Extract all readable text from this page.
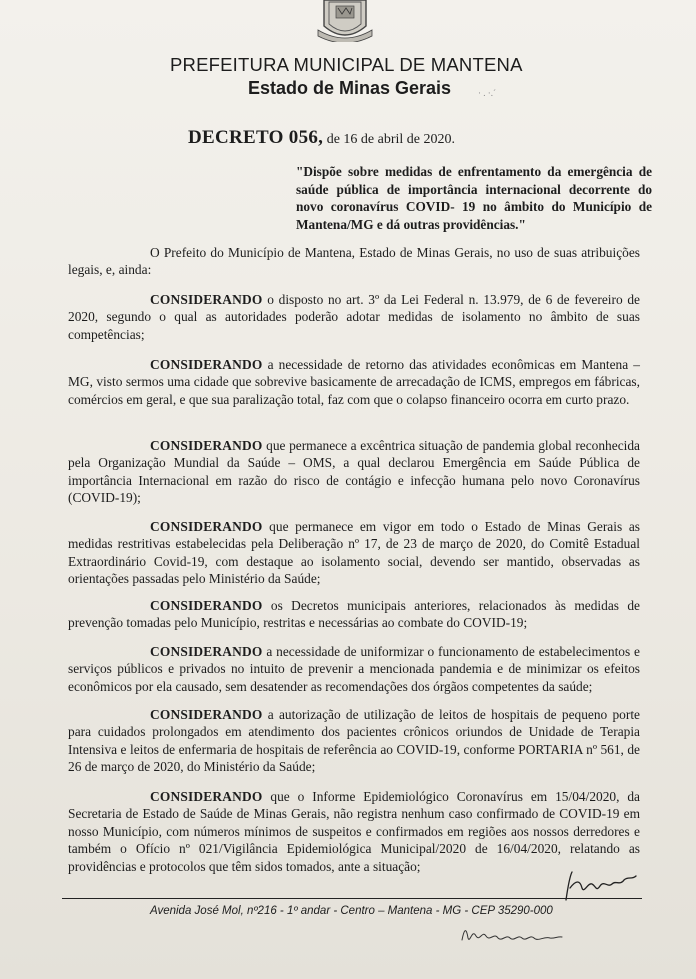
PREFEITURA MUNICIPAL DE MANTENA
Estado de Minas Gerais	· . ·.´
DECRETO 056, de 16 de abril de 2020.
"Dispõe sobre medidas de enfrentamento da emergência de saúde pública de importância internacional decorrente do novo coronavírus COVID- 19 no âmbito do Município de Mantena/MG e dá outras providências."
O Prefeito do Município de Mantena, Estado de Minas Gerais, no uso de suas atribuições legais, e, ainda:
CONSIDERANDO o disposto no art. 3º da Lei Federal n. 13.979, de 6 de fevereiro de 2020, segundo o qual as autoridades poderão adotar medidas de isolamento no âmbito de suas competências;
CONSIDERANDO a necessidade de retorno das atividades econômicas em Mantena – MG, visto sermos uma cidade que sobrevive basicamente de arrecadação de ICMS, empregos em fábricas, comércios em geral, e que sua paralização total, faz com que o colapso financeiro ocorra em curto prazo.
CONSIDERANDO que permanece a excêntrica situação de pandemia global reconhecida pela Organização Mundial da Saúde – OMS, a qual declarou Emergência em Saúde Pública de importância Internacional em razão do risco de contágio e infecção humana pelo novo Coronavírus (COVID-19);
CONSIDERANDO que permanece em vigor em todo o Estado de Minas Gerais as medidas restritivas estabelecidas pela Deliberação nº 17, de 23 de março de 2020, do Comitê Estadual Extraordinário Covid-19, com destaque ao isolamento social, devendo ser mantido, observadas as orientações passadas pelo Ministério da Saúde;
CONSIDERANDO os Decretos municipais anteriores, relacionados às medidas de prevenção tomadas pelo Município, restritas e necessárias ao combate do COVID-19;
CONSIDERANDO a necessidade de uniformizar o funcionamento de estabelecimentos e serviços públicos e privados no intuito de prevenir a mencionada pandemia e de minimizar os efeitos econômicos por ela causado, sem desatender as recomendações dos órgãos competentes da saúde;
CONSIDERANDO a autorização de utilização de leitos de hospitais de pequeno porte para cuidados prolongados em atendimento dos pacientes crônicos oriundos de Unidade de Terapia Intensiva e leitos de enfermaria de hospitais de referência ao COVID-19, conforme PORTARIA nº 561, de 26 de março de 2020, do Ministério da Saúde;
CONSIDERANDO que o Informe Epidemiológico Coronavírus em 15/04/2020, da Secretaria de Estado de Saúde de Minas Gerais, não registra nenhum caso confirmado de COVID-19 em nosso Município, com números mínimos de suspeitos e confirmados em regiões aos nossos derredores e também o Ofício nº 021/Vigilância Epidemiológica Municipal/2020 de 16/04/2020, relatando as providências e protocolos que têm sidos tomados, ante a situação;
Avenida José Mol, nº216 - 1º andar - Centro – Mantena - MG - CEP 35290-000
